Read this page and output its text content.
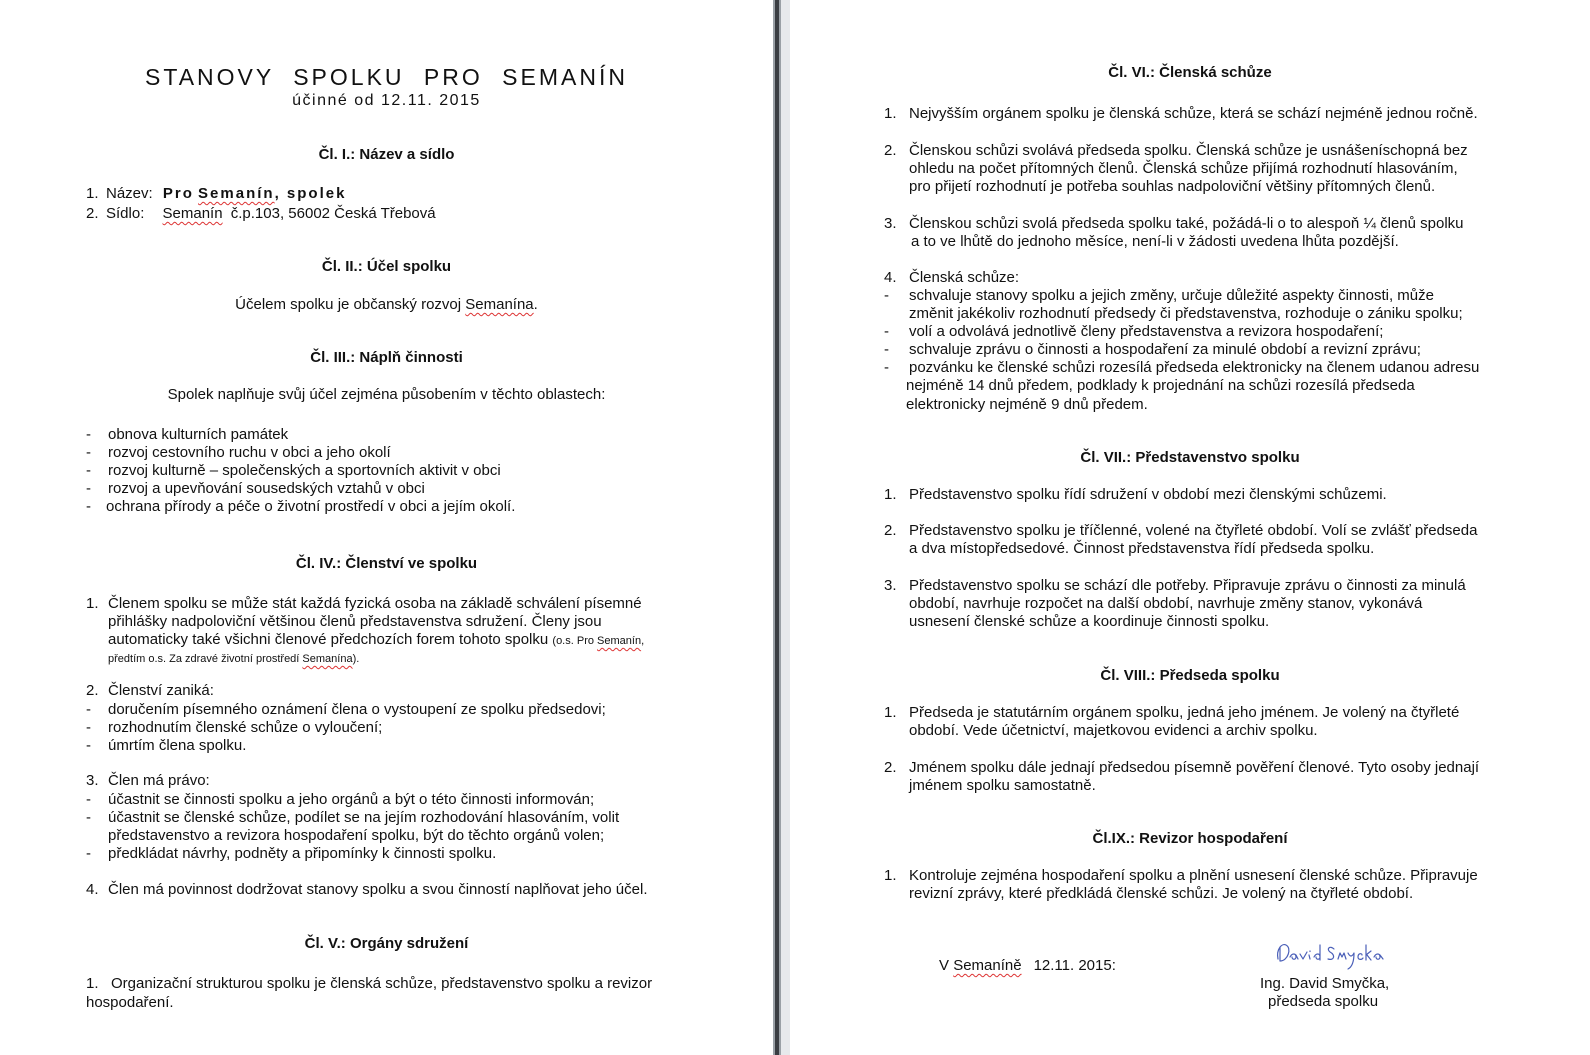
STANOVY SPOLKU PRO SEMANÍN
účinné od 12.11. 2015
Čl. I.: Název a sídlo
1. Název: Pro Semanín, spolek
2. Sídlo: Semanín č.p.103, 56002 Česká Třebová
Čl. II.: Účel spolku
Účelem spolku je občanský rozvoj Semanína.
Čl. III.: Náplň činnosti
Spolek naplňuje svůj účel zejména působením v těchto oblastech:
- obnova kulturních památek
- rozvoj cestovního ruchu v obci a jeho okolí
- rozvoj kulturně – společenských a sportovních aktivit v obci
- rozvoj a upevňování sousedských vztahů v obci
- ochrana přírody a péče o životní prostředí v obci a jejím okolí.
Čl. IV.: Členství ve spolku
1. Členem spolku se může stát každá fyzická osoba na základě schválení písemné
přihlášky nadpoloviční většinou členů představenstva sdružení. Členy jsou
automaticky také všichni členové předchozích forem tohoto spolku (o.s. Pro Semanín,
předtím o.s. Za zdravé životní prostředí Semanína).
2. Členství zaniká:
- doručením písemného oznámení člena o vystoupení ze spolku předsedovi;
- rozhodnutím členské schůze o vyloučení;
- úmrtím člena spolku.
3. Člen má právo:
- účastnit se činnosti spolku a jeho orgánů a být o této činnosti informován;
- účastnit se členské schůze, podílet se na jejím rozhodování hlasováním, volit
představenstvo a revizora hospodaření spolku, být do těchto orgánů volen;
- předkládat návrhy, podněty a připomínky k činnosti spolku.
4. Člen má povinnost dodržovat stanovy spolku a svou činností naplňovat jeho účel.
Čl. V.: Orgány sdružení
1. Organizační strukturou spolku je členská schůze, představenstvo spolku a revizor
hospodaření.
Čl. VI.: Členská schůze
1. Nejvyšším orgánem spolku je členská schůze, která se schází nejméně jednou ročně.
2. Členskou schůzi svolává předseda spolku. Členská schůze je usnášeníschopná bez
ohledu na počet přítomných členů. Členská schůze přijímá rozhodnutí hlasováním,
pro přijetí rozhodnutí je potřeba souhlas nadpoloviční většiny přítomných členů.
3. Členskou schůzi svolá předseda spolku také, požádá-li o to alespoň ¼ členů spolku
a to ve lhůtě do jednoho měsíce, není-li v žádosti uvedena lhůta pozdější.
4. Členská schůze:
- schvaluje stanovy spolku a jejich změny, určuje důležité aspekty činnosti, může
změnit jakékoliv rozhodnutí předsedy či představenstva, rozhoduje o zániku spolku;
- volí a odvolává jednotlivě členy představenstva a revizora hospodaření;
- schvaluje zprávu o činnosti a hospodaření za minulé období a revizní zprávu;
- pozvánku ke členské schůzi rozesílá předseda elektronicky na členem udanou adresu
nejméně 14 dnů předem, podklady k projednání na schůzi rozesílá předseda
elektronicky nejméně 9 dnů předem.
Čl. VII.: Představenstvo spolku
1. Představenstvo spolku řídí sdružení v období mezi členskými schůzemi.
2. Představenstvo spolku je tříčlenné, volené na čtyřleté období. Volí se zvlášť předseda
a dva místopředsedové. Činnost představenstva řídí předseda spolku.
3. Představenstvo spolku se schází dle potřeby. Připravuje zprávu o činnosti za minulá
období, navrhuje rozpočet na další období, navrhuje změny stanov, vykonává
usnesení členské schůze a koordinuje činnosti spolku.
Čl. VIII.: Předseda spolku
1. Předseda je statutárním orgánem spolku, jedná jeho jménem. Je volený na čtyřleté
období. Vede účetnictví, majetkovou evidenci a archiv spolku.
2. Jménem spolku dále jednají předsedou písemně pověření členové. Tyto osoby jednají
jménem spolku samostatně.
Čl.IX.: Revizor hospodaření
1. Kontroluje zejména hospodaření spolku a plnění usnesení členské schůze. Připravuje
revizní zprávy, které předkládá členské schůzi. Je volený na čtyřleté období.
V Semaníně 12.11. 2015:
Ing. David Smyčka,
předseda spolku
